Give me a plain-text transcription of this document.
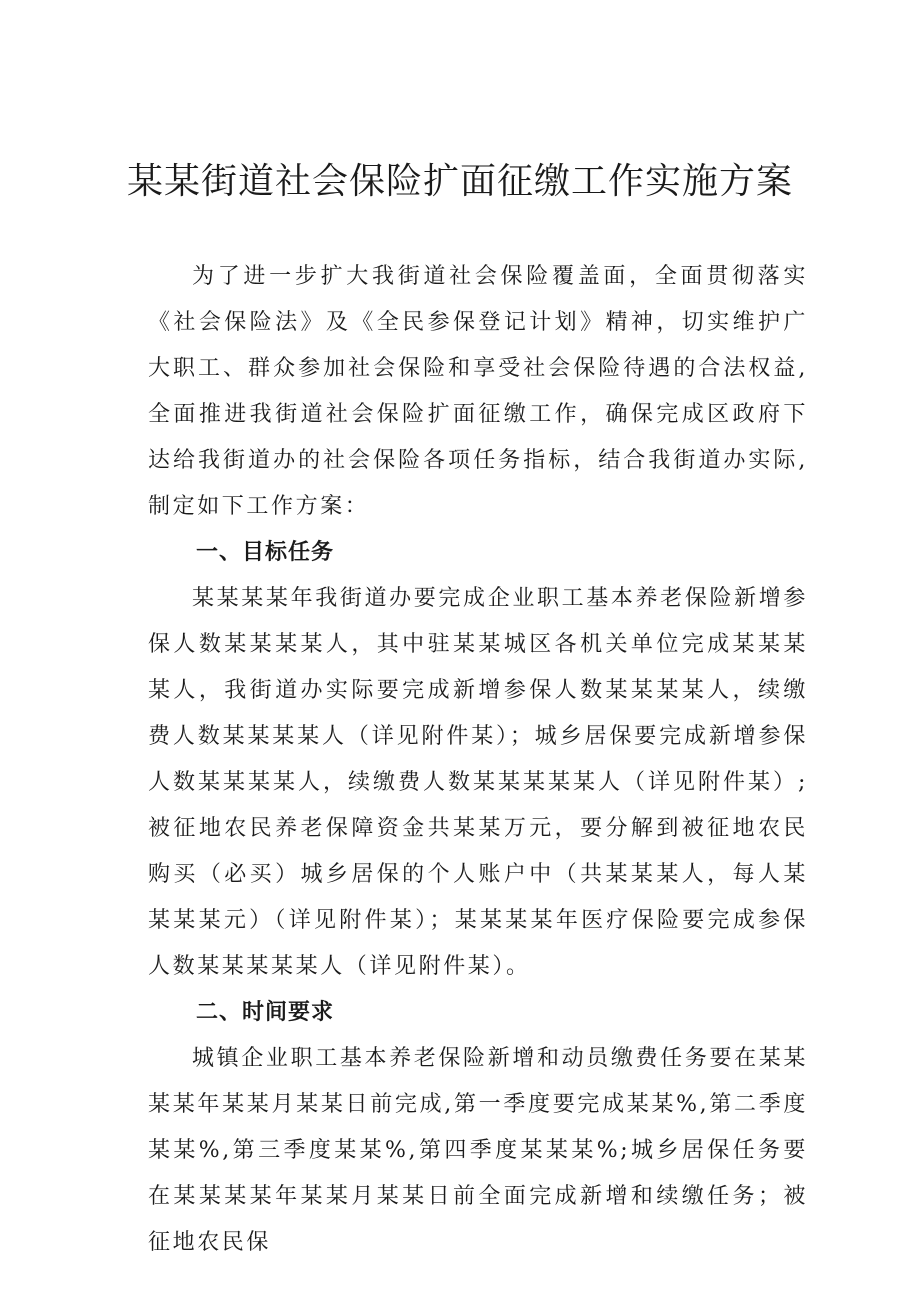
某某街道社会保险扩面征缴工作实施方案

为了进一步扩大我街道社会保险覆盖面，全面贯彻落实《社会保险法》及《全民参保登记计划》精神，切实维护广大职工、群众参加社会保险和享受社会保险待遇的合法权益,全面推进我街道社会保险扩面征缴工作，确保完成区政府下达给我街道办的社会保险各项任务指标，结合我街道办实际,制定如下工作方案：

一、目标任务

某某某某年我街道办要完成企业职工基本养老保险新增参保人数某某某某人，其中驻某某城区各机关单位完成某某某某人，我街道办实际要完成新增参保人数某某某某人，续缴费人数某某某某人（详见附件某）；城乡居保要完成新增参保人数某某某某人，续缴费人数某某某某某人（详见附件某）;被征地农民养老保障资金共某某万元，要分解到被征地农民购买（必买）城乡居保的个人账户中（共某某某人，每人某某某某元）（详见附件某）；某某某某年医疗保险要完成参保人数某某某某某人（详见附件某）。

二、时间要求

城镇企业职工基本养老保险新增和动员缴费任务要在某某某某年某某月某某日前完成,第一季度要完成某某%,第二季度某某%,第三季度某某%,第四季度某某某%;城乡居保任务要在某某某某年某某月某某日前全面完成新增和续缴任务；被征地农民保
